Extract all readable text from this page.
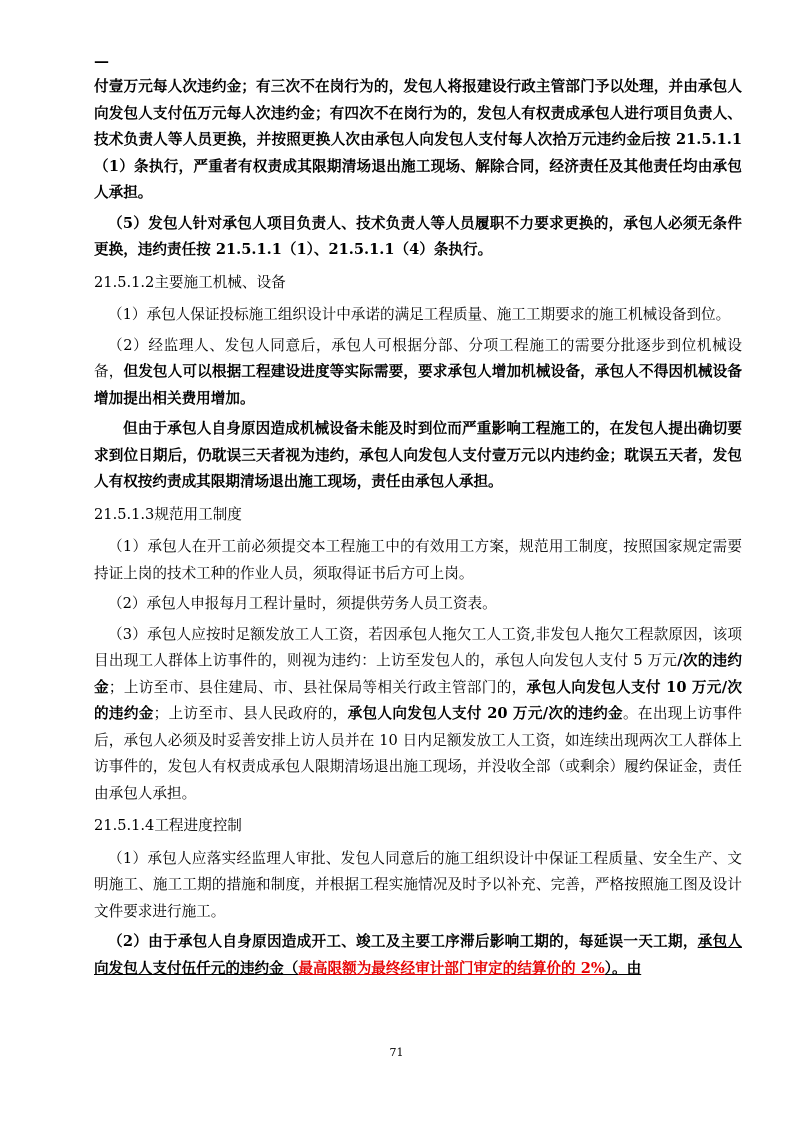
—

付壹万元每人次违约金；有三次不在岗行为的，发包人将报建设行政主管部门予以处理，并由承包人向发包人支付伍万元每人次违约金；有四次不在岗行为的，发包人有权责成承包人进行项目负责人、技术负责人等人员更换，并按照更换人次由承包人向发包人支付每人次拾万元违约金后按 21.5.1.1（1）条执行，严重者有权责成其限期清场退出施工现场、解除合同，经济责任及其他责任均由承包人承担。

（5）发包人针对承包人项目负责人、技术负责人等人员履职不力要求更换的，承包人必须无条件更换，违约责任按 21.5.1.1（1）、21.5.1.1（4）条执行。

21.5.1.2主要施工机械、设备

（1）承包人保证投标施工组织设计中承诺的满足工程质量、施工工期要求的施工机械设备到位。

（2）经监理人、发包人同意后，承包人可根据分部、分项工程施工的需要分批逐步到位机械设备，但发包人可以根据工程建设进度等实际需要，要求承包人增加机械设备，承包人不得因机械设备增加提出相关费用增加。

但由于承包人自身原因造成机械设备未能及时到位而严重影响工程施工的，在发包人提出确切要求到位日期后，仍耽误三天者视为违约，承包人向发包人支付壹万元以内违约金；耽误五天者，发包人有权按约责成其限期清场退出施工现场，责任由承包人承担。

21.5.1.3规范用工制度

（1）承包人在开工前必须提交本工程施工中的有效用工方案，规范用工制度，按照国家规定需要持证上岗的技术工种的作业人员，须取得证书后方可上岗。

（2）承包人申报每月工程计量时，须提供劳务人员工资表。

（3）承包人应按时足额发放工人工资，若因承包人拖欠工人工资,非发包人拖欠工程款原因，该项目出现工人群体上访事件的，则视为违约：上访至发包人的，承包人向发包人支付 5 万元/次的违约金；上访至市、县住建局、市、县社保局等相关行政主管部门的，承包人向发包人支付 10 万元/次的违约金；上访至市、县人民政府的，承包人向发包人支付 20 万元/次的违约金。在出现上访事件后，承包人必须及时妥善安排上访人员并在 10 日内足额发放工人工资，如连续出现两次工人群体上访事件的，发包人有权责成承包人限期清场退出施工现场，并没收全部（或剩余）履约保证金，责任由承包人承担。

21.5.1.4工程进度控制

（1）承包人应落实经监理人审批、发包人同意后的施工组织设计中保证工程质量、安全生产、文明施工、施工工期的措施和制度，并根据工程实施情况及时予以补充、完善，严格按照施工图及设计文件要求进行施工。

（2）由于承包人自身原因造成开工、竣工及主要工序滞后影响工期的，每延误一天工期，承包人向发包人支付伍仟元的违约金（最高限额为最终经审计部门审定的结算价的 2%）。由

71
